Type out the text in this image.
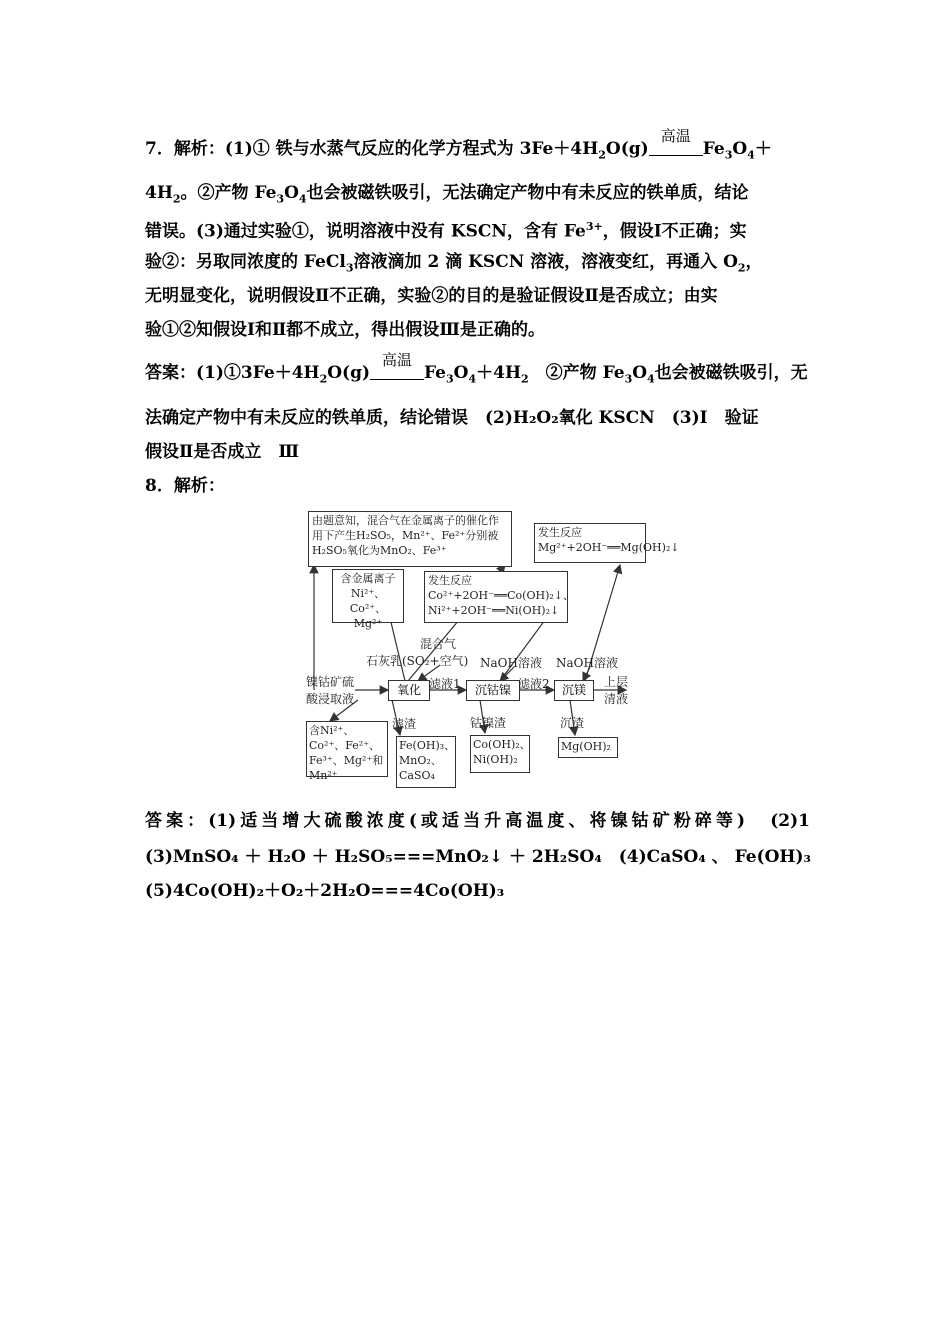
7．解析：(1)① 铁与水蒸气反应的化学方程式为 $3Fe+4H_2O(g)$
高温
$Fe_3O_4+$
$4H_2$。②产物 $Fe_3O_4$也会被磁铁吸引，无法确定产物中有未反应的铁单质，结论
错误。(3)通过实验①，说明溶液中没有 KSCN，含有 $Fe^{3+}$，假设Ⅰ不正确；实
验②：另取同浓度的 FeCl$_3$溶液滴加 2 滴 KSCN 溶液，溶液变红，再通入 $O_2$，
无明显变化，说明假设Ⅱ不正确，实验②的目的是验证假设Ⅱ是否成立；由实
验①②知假设Ⅰ和Ⅱ都不成立，得出假设Ⅲ是正确的。
答案：$(1)①3Fe+4H_2O(g)$
高温
$Fe_3O_4+4H_2$　②产物 $Fe_3O_4$也会被磁铁吸引，无
法确定产物中有未反应的铁单质，结论错误　(2)H₂O₂氧化 KSCN　(3)Ⅰ　验证
假设Ⅱ是否成立　Ⅲ
8．解析：
由题意知，混合气在金属离子的催化作用下产生H₂SO₅，Mn²⁺、Fe²⁺分别被H₂SO₅氧化为MnO₂、Fe³⁺
发生反应Mg²⁺+2OH⁻══Mg(OH)₂↓
含金属离子Ni²⁺、Co²⁺、Mg²⁺
发生反应Co²⁺+2OH⁻══Co(OH)₂↓、Ni²⁺+2OH⁻══Ni(OH)₂↓
混合气
石灰乳(SO₂+空气) NaOH溶液 NaOH溶液
镍钴矿硫酸浸取液
氧化 滤液1	沉钴镍 滤液2	沉镁
上层清液
滤渣	钴镍渣	沉渣
含Ni²⁺、Co²⁺、Fe²⁺、Fe³⁺、Mg²⁺和Mn²⁺
Fe(OH)₃、MnO₂、CaSO₄
Co(OH)₂、Ni(OH)₂
Mg(OH)₂
答案：(1)适当增大硫酸浓度(或适当升高温度、将镍钴矿粉碎等)　(2)1
(3)MnSO₄ ＋ H₂O ＋ H₂SO₅===MnO₂↓ ＋ 2H₂SO₄　(4)CaSO₄ 、 Fe(OH)₃
(5)4Co(OH)₂＋O₂＋2H₂O===4Co(OH)₃
